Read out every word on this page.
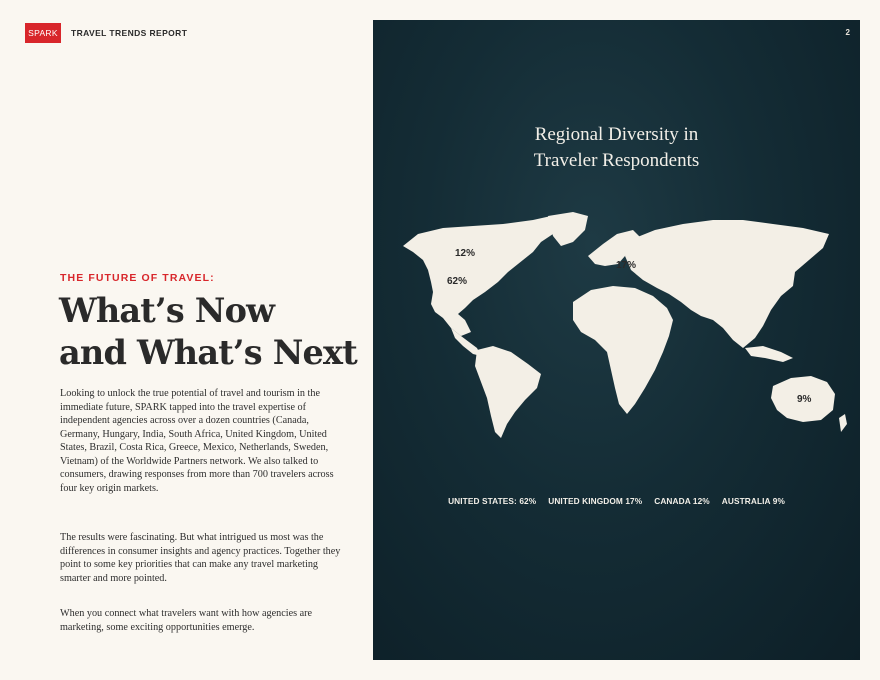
SPARK	TRAVEL TRENDS REPORT
THE FUTURE OF TRAVEL:
What’s Now
and What’s Next

Looking to unlock the true potential of travel and tourism in the immediate future, SPARK tapped into the travel expertise of independent agencies across over a dozen countries (Canada, Germany, Hungary, India, South Africa, United Kingdom, United States, Brazil, Costa Rica, Greece, Mexico, Netherlands, Sweden, Vietnam) of the Worldwide Partners network. We also talked to consumers, drawing responses from more than 700 travelers across four key origin markets.

The results were fascinating. But what intrigued us most was the differences in consumer insights and agency practices. Together they point to some key priorities that can make any travel marketing smarter and more pointed.

When you connect what travelers want with how agencies are marketing, some exciting opportunities emerge.

2
Regional Diversity in
Traveler Respondents
12%
62%
17%
9%
UNITED STATES: 62% UNITED KINGDOM 17% CANADA 12% AUSTRALIA 9%
